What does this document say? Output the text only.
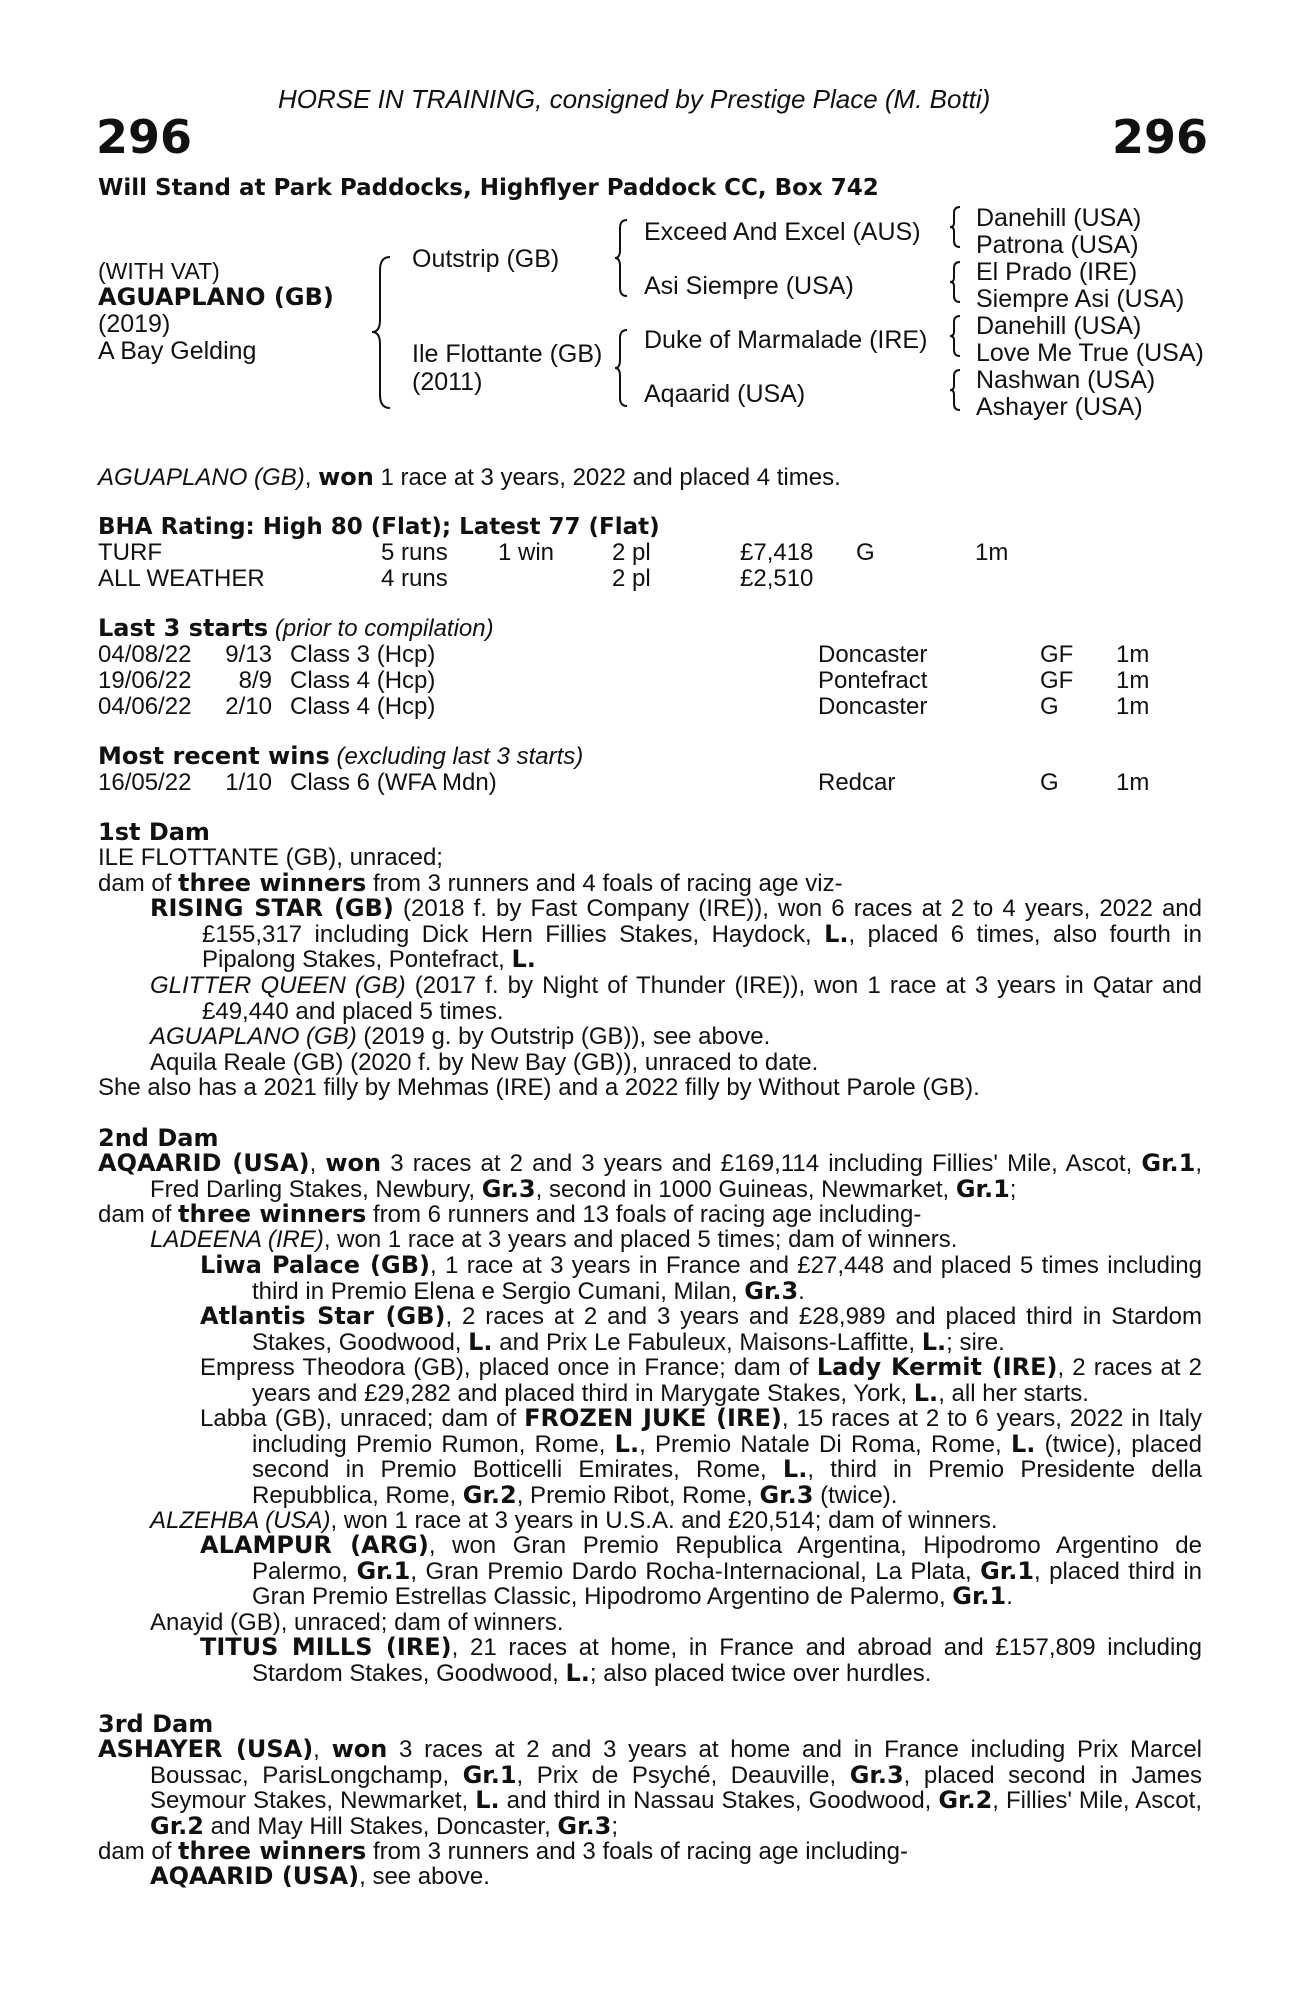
HORSE IN TRAINING, consigned by Prestige Place (M. Botti)
296	296
Will Stand at Park Paddocks, Highflyer Paddock CC, Box 742
(WITH VAT)
AGUAPLANO (GB)
(2019)
A Bay Gelding
Outstrip (GB)
Ile Flottante (GB)
(2011)
Exceed And Excel (AUS)
Asi Siempre (USA)
Duke of Marmalade (IRE)
Aqaarid (USA)
Danehill (USA)
Patrona (USA)
El Prado (IRE)
Siempre Asi (USA)
Danehill (USA)
Love Me True (USA)
Nashwan (USA)
Ashayer (USA)
AGUAPLANO (GB), won 1 race at 3 years, 2022 and placed 4 times.
BHA Rating: High 80 (Flat); Latest 77 (Flat)
TURF	5 runs 1 win 2 pl	£7,418 G	1m
ALL WEATHER	4 runs	2 pl	£2,510
Last 3 starts (prior to compilation)
04/08/22 9/13 Class 3 (Hcp)	Doncaster	GF 1m
19/06/22	8/9 Class 4 (Hcp)	Pontefract	GF 1m
04/06/22 2/10 Class 4 (Hcp)	Doncaster	G 1m
Most recent wins (excluding last 3 starts)
16/05/22 1/10 Class 6 (WFA Mdn)	Redcar	G 1m
1st Dam
ILE FLOTTANTE (GB), unraced;
dam of three winners from 3 runners and 4 foals of racing age viz-
RISING STAR (GB) (2018 f. by Fast Company (IRE)), won 6 races at 2 to 4 years, 2022 and £155,317 including Dick Hern Fillies Stakes, Haydock, L., placed 6 times, also fourth in Pipalong Stakes, Pontefract, L.
GLITTER QUEEN (GB) (2017 f. by Night of Thunder (IRE)), won 1 race at 3 years in Qatar and £49,440 and placed 5 times.
AGUAPLANO (GB) (2019 g. by Outstrip (GB)), see above.
Aquila Reale (GB) (2020 f. by New Bay (GB)), unraced to date.
She also has a 2021 filly by Mehmas (IRE) and a 2022 filly by Without Parole (GB).
2nd Dam
AQAARID (USA), won 3 races at 2 and 3 years and £169,114 including Fillies' Mile, Ascot, Gr.1, Fred Darling Stakes, Newbury, Gr.3, second in 1000 Guineas, Newmarket, Gr.1;
dam of three winners from 6 runners and 13 foals of racing age including-
LADEENA (IRE), won 1 race at 3 years and placed 5 times; dam of winners.
Liwa Palace (GB), 1 race at 3 years in France and £27,448 and placed 5 times including third in Premio Elena e Sergio Cumani, Milan, Gr.3.
Atlantis Star (GB), 2 races at 2 and 3 years and £28,989 and placed third in Stardom Stakes, Goodwood, L. and Prix Le Fabuleux, Maisons-Laffitte, L.; sire.
Empress Theodora (GB), placed once in France; dam of Lady Kermit (IRE), 2 races at 2 years and £29,282 and placed third in Marygate Stakes, York, L., all her starts.
Labba (GB), unraced; dam of FROZEN JUKE (IRE), 15 races at 2 to 6 years, 2022 in Italy including Premio Rumon, Rome, L., Premio Natale Di Roma, Rome, L. (twice), placed second in Premio Botticelli Emirates, Rome, L., third in Premio Presidente della Repubblica, Rome, Gr.2, Premio Ribot, Rome, Gr.3 (twice).
ALZEHBA (USA), won 1 race at 3 years in U.S.A. and £20,514; dam of winners.
ALAMPUR (ARG), won Gran Premio Republica Argentina, Hipodromo Argentino de Palermo, Gr.1, Gran Premio Dardo Rocha-Internacional, La Plata, Gr.1, placed third in Gran Premio Estrellas Classic, Hipodromo Argentino de Palermo, Gr.1.
Anayid (GB), unraced; dam of winners.
TITUS MILLS (IRE), 21 races at home, in France and abroad and £157,809 including Stardom Stakes, Goodwood, L.; also placed twice over hurdles.
3rd Dam
ASHAYER (USA), won 3 races at 2 and 3 years at home and in France including Prix Marcel Boussac, ParisLongchamp, Gr.1, Prix de Psyché, Deauville, Gr.3, placed second in James Seymour Stakes, Newmarket, L. and third in Nassau Stakes, Goodwood, Gr.2, Fillies' Mile, Ascot, Gr.2 and May Hill Stakes, Doncaster, Gr.3;
dam of three winners from 3 runners and 3 foals of racing age including-
AQAARID (USA), see above.
